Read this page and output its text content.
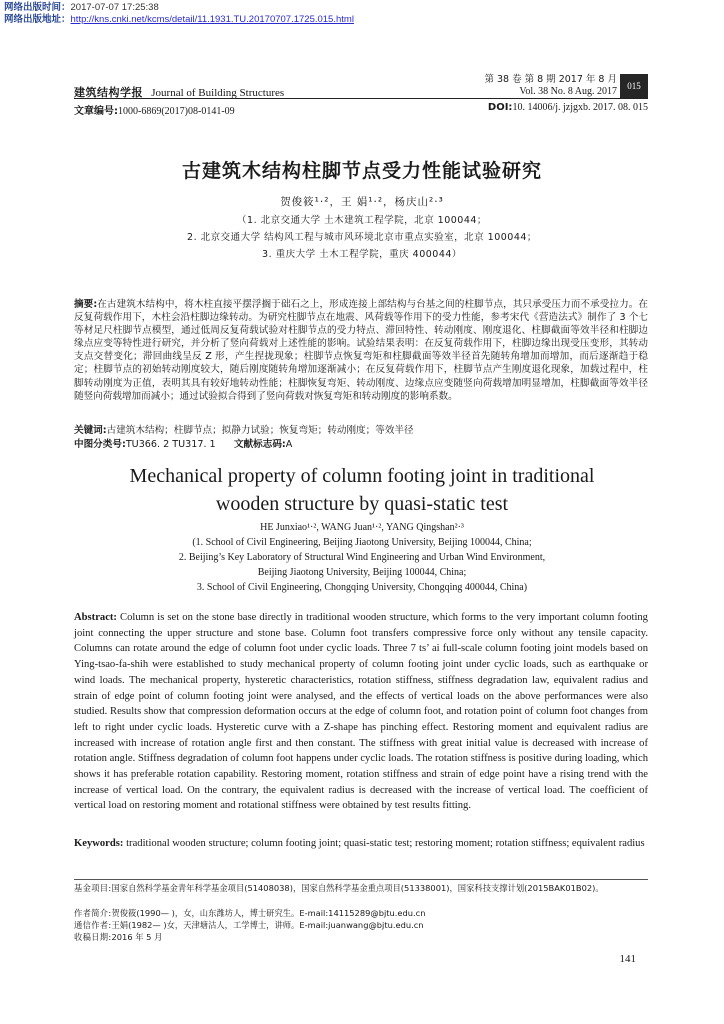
网络出版时间：2017-07-07 17:25:38
网络出版地址：http://kns.cnki.net/kcms/detail/11.1931.TU.20170707.1725.015.html
建筑结构学报 Journal of Building Structures
第 38 卷 第 8 期 2017 年 8 月
Vol. 38 No. 8 Aug. 2017	015
文章编号:1000-6869(2017)08-0141-09	DOI:10. 14006/j. jzjgxb. 2017. 08. 015
古建筑木结构柱脚节点受力性能试验研究
贺俊筱¹·²，王 娟¹·²，杨庆山²·³
（1. 北京交通大学 土木建筑工程学院，北京 100044；
2. 北京交通大学 结构风工程与城市风环境北京市重点实验室，北京 100044；
3. 重庆大学 土木工程学院，重庆 400044）
摘要:在古建筑木结构中，将木柱直接平摆浮搁于础石之上，形成连接上部结构与台基之间的柱脚节点，其只承受压力而不承受拉力。在反复荷载作用下，木柱会沿柱脚边缘转动。为研究柱脚节点在地震、风荷载等作用下的受力性能，参考宋代《营造法式》制作了 3 个七等材足尺柱脚节点模型，通过低周反复荷载试验对柱脚节点的受力特点、滞回特性、转动刚度、刚度退化、柱脚截面等效半径和柱脚边缘点应变等特性进行研究，并分析了竖向荷载对上述性能的影响。试验结果表明：在反复荷载作用下，柱脚边缘出现受压变形，其转动支点交替变化；滞回曲线呈反 Z 形，产生捏拢现象；柱脚节点恢复弯矩和柱脚截面等效半径首先随转角增加而增加，而后逐渐趋于稳定；柱脚节点的初始转动刚度较大，随后刚度随转角增加逐渐减小；在反复荷载作用下，柱脚节点产生刚度退化现象，加载过程中，柱脚转动刚度为正值，表明其具有较好地转动性能；柱脚恢复弯矩、转动刚度、边缘点应变随竖向荷载增加明显增加，柱脚截面等效半径随竖向荷载增加而减小；通过试验拟合得到了竖向荷载对恢复弯矩和转动刚度的影响系数。
关键词:古建筑木结构；柱脚节点；拟静力试验；恢复弯矩；转动刚度；等效半径
中图分类号:TU366. 2 TU317. 1 文献标志码:A
Mechanical property of column footing joint in traditional
wooden structure by quasi-static test
HE Junxiao¹·², WANG Juan¹·², YANG Qingshan²·³
(1. School of Civil Engineering, Beijing Jiaotong University, Beijing 100044, China;
2. Beijing’s Key Laboratory of Structural Wind Engineering and Urban Wind Environment,
Beijing Jiaotong University, Beijing 100044, China;
3. School of Civil Engineering, Chongqing University, Chongqing 400044, China)
Abstract: Column is set on the stone base directly in traditional wooden structure, which forms to the very important column footing joint connecting the upper structure and stone base. Column foot transfers compressive force only without any tensile capacity. Columns can rotate around the edge of column foot under cyclic loads. Three 7 ts’ ai full-scale column footing joint models based on Ying-tsao-fa-shih were established to study mechanical property of column footing joint under cyclic loads, such as earthquake or wind loads. The mechanical property, hysteretic characteristics, rotation stiffness, stiffness degradation law, equivalent radius and strain of edge point of column footing joint were analysed, and the effects of vertical loads on the above performances were also studied. Results show that compression deformation occurs at the edge of column foot, and rotation point of column foot changes from left to right under cyclic loads. Hysteretic curve with a Z-shape has pinching effect. Restoring moment and equivalent radius are increased with increase of rotation angle first and then constant. The stiffness with great initial value is decreased with increase of rotation angle. Stiffness degradation of column foot happens under cyclic loads. The rotation stiffness is positive during loading, which shows it has preferable rotation capability. Restoring moment, rotation stiffness and strain of edge point have a rising trend with the increase of vertical load. On the contrary, the equivalent radius is decreased with the increase of vertical load. The coefficient of vertical load on restoring moment and rotational stiffness were obtained by test results fitting.
Keywords: traditional wooden structure; column footing joint; quasi-static test; restoring moment; rotation stiffness; equivalent radius
基金项目:国家自然科学基金青年科学基金项目(51408038)，国家自然科学基金重点项目(51338001)，国家科技支撑计划(2015BAK01B02)。
作者简介:贺俊筱(1990— )，女，山东潍坊人，博士研究生。E-mail:14115289@bjtu.edu.cn
通信作者:王娟(1982— )女，天津塘沽人，工学博士，讲师。E-mail:juanwang@bjtu.edu.cn
收稿日期:2016 年 5 月
141
